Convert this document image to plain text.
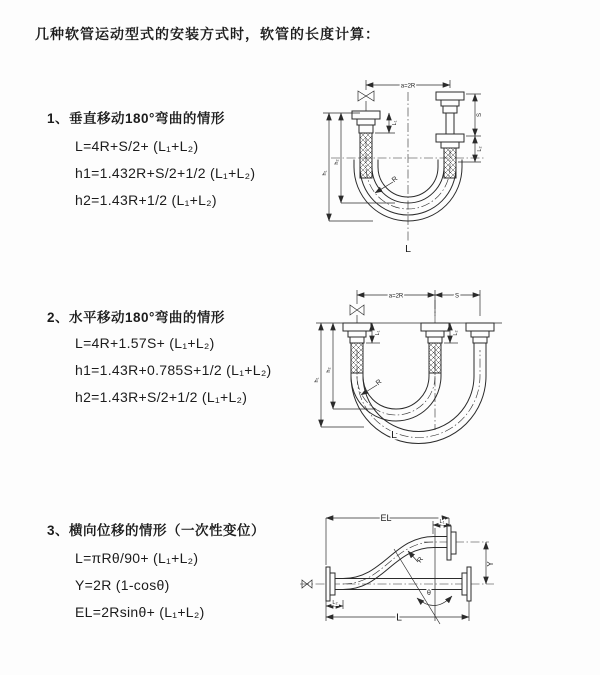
几种软管运动型式的安装方式时，软管的长度计算：
1、垂直移动180°弯曲的情形
L=4R+S/2+ (L₁+L₂)
h1=1.432R+S/2+1/2 (L₁+L₂)
h2=1.43R+1/2 (L₁+L₂)
2、水平移动180°弯曲的情形
L=4R+1.57S+ (L₁+L₂)
h1=1.43R+0.785S+1/2 (L₁+L₂)
h2=1.43R+S/2+1/2 (L₁+L₂)
3、横向位移的情形（一次性变位）
L=πRθ/90+ (L₁+L₂)
Y=2R (1-cosθ)
EL=2Rsinθ+ (L₁+L₂)
a=2R
h₁
h₂
L₁
S
L₂
R
L
a=2R	S
h₁
h₂
L₁	L₂
R
L
θ
R
EL	L₁
Y
L
L₂
